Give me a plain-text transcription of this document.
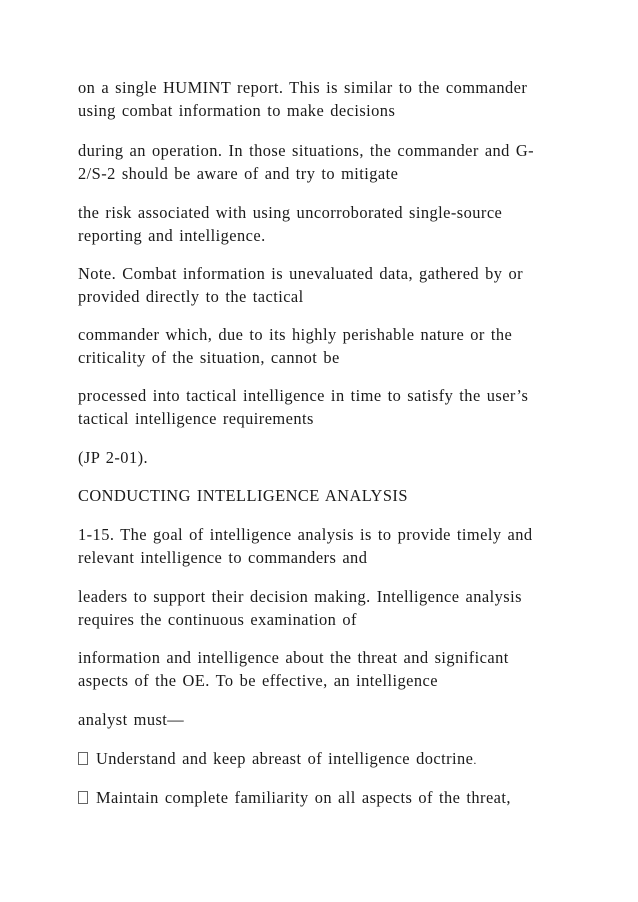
on a single HUMINT report. This is similar to the commander
using combat information to make decisions
during an operation. In those situations, the commander and G-
2/S-2 should be aware of and try to mitigate
the risk associated with using uncorroborated single-source
reporting and intelligence.
Note. Combat information is unevaluated data, gathered by or
provided directly to the tactical
commander which, due to its highly perishable nature or the
criticality of the situation, cannot be
processed into tactical intelligence in time to satisfy the user’s
tactical intelligence requirements
(JP 2-01).
CONDUCTING INTELLIGENCE ANALYSIS
1-15. The goal of intelligence analysis is to provide timely and
relevant intelligence to commanders and
leaders to support their decision making. Intelligence analysis
requires the continuous examination of
information and intelligence about the threat and significant
aspects of the OE. To be effective, an intelligence
analyst must—
Understand and keep abreast of intelligence doctrine .
Maintain complete familiarity on all aspects of the threat,
